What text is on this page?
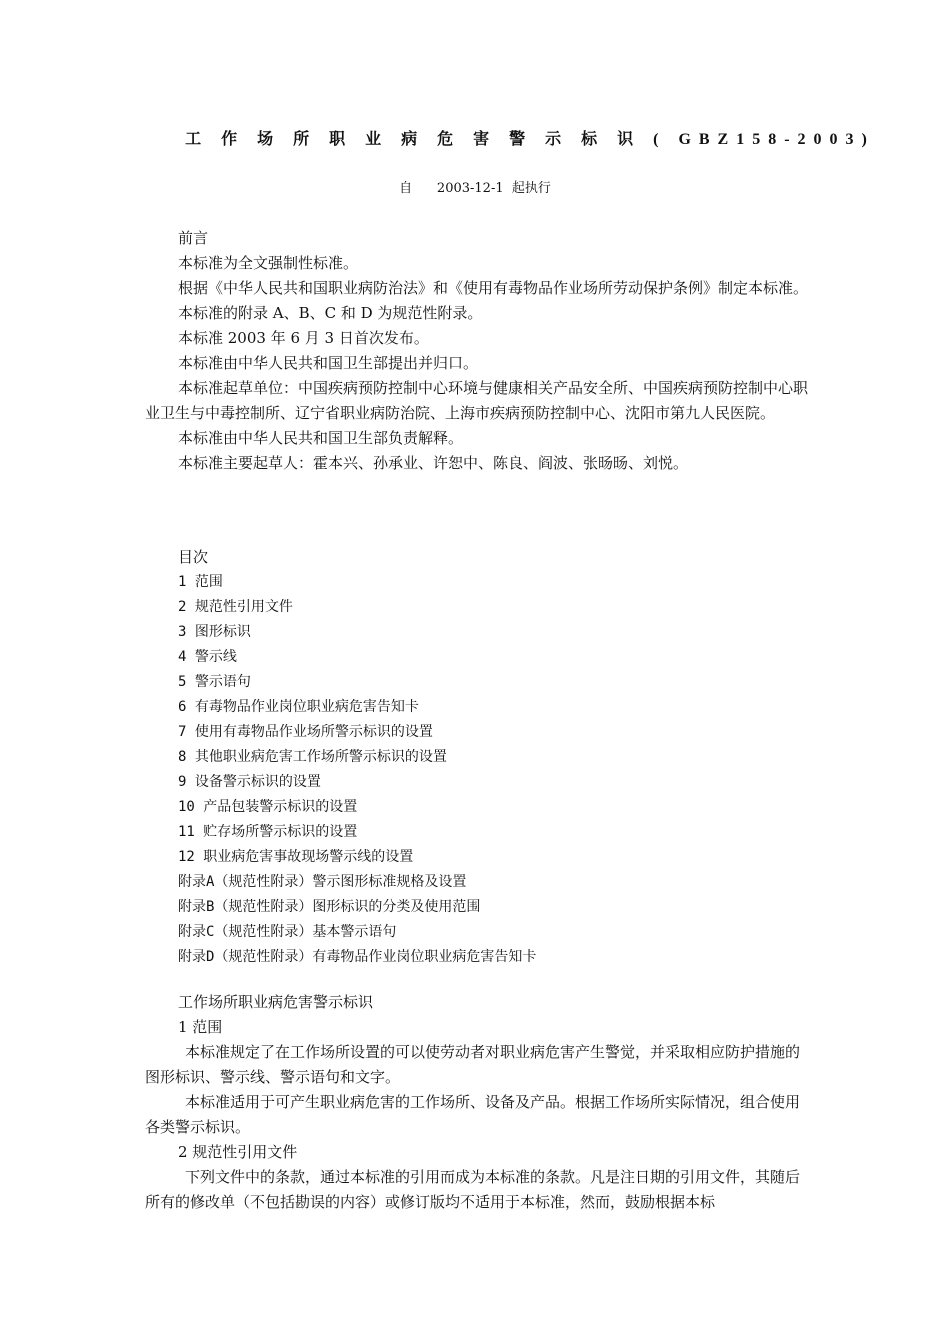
工 作 场 所 职 业 病 危 害 警 示 标 识 ( GBZ158-2003)
自      2003-12-1  起执行

前言

本标准为全文强制性标准。

根据《中华人民共和国职业病防治法》和《使用有毒物品作业场所劳动保护条例》制定本标准。

本标准的附录 A、B、C 和 D 为规范性附录。

本标准 2003 年 6 月 3 日首次发布。

本标准由中华人民共和国卫生部提出并归口。

本标准起草单位：中国疾病预防控制中心环境与健康相关产品安全所、中国疾病预防控制中心职业卫生与中毒控制所、辽宁省职业病防治院、上海市疾病预防控制中心、沈阳市第九人民医院。

本标准由中华人民共和国卫生部负责解释。

本标准主要起草人：霍本兴、孙承业、许恕中、陈良、阎波、张旸旸、刘悦。

目次

1 范围

2 规范性引用文件

3 图形标识

4 警示线

5 警示语句

6 有毒物品作业岗位职业病危害告知卡

7 使用有毒物品作业场所警示标识的设置

8 其他职业病危害工作场所警示标识的设置

9 设备警示标识的设置

10 产品包装警示标识的设置

11 贮存场所警示标识的设置

12 职业病危害事故现场警示线的设置

附录A（规范性附录）警示图形标准规格及设置

附录B（规范性附录）图形标识的分类及使用范围

附录C（规范性附录）基本警示语句

附录D（规范性附录）有毒物品作业岗位职业病危害告知卡

工作场所职业病危害警示标识

1 范围

本标准规定了在工作场所设置的可以使劳动者对职业病危害产生警觉，并采取相应防护措施的图形标识、警示线、警示语句和文字。

本标准适用于可产生职业病危害的工作场所、设备及产品。根据工作场所实际情况，组合使用各类警示标识。

2 规范性引用文件

下列文件中的条款，通过本标准的引用而成为本标准的条款。凡是注日期的引用文件，其随后所有的修改单（不包括勘误的内容）或修订版均不适用于本标准，然而，鼓励根据本标
